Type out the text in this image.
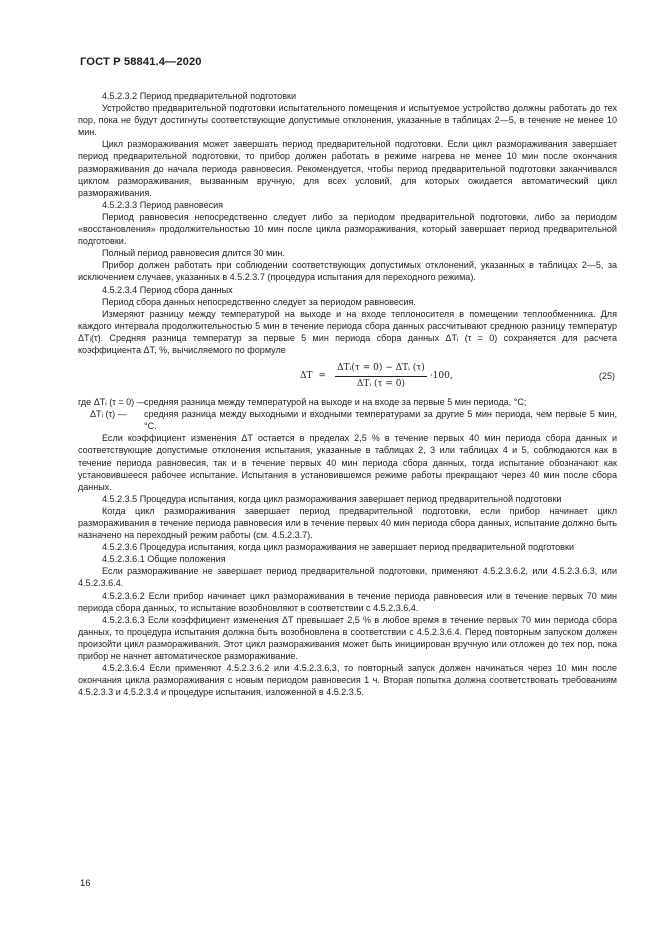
ГОСТ Р 58841.4—2020

4.5.2.3.2 Период предварительной подготовки

Устройство предварительной подготовки испытательного помещения и испытуемое устройство должны работать до тех пор, пока не будут достигнуты соответствующие допустимые отклонения, указанные в таблицах 2—5, в течение не менее 10 мин.

Цикл размораживания может завершать период предварительной подготовки. Если цикл размораживания завершает период предварительной подготовки, то прибор должен работать в режиме нагрева не менее 10 мин после окончания размораживания до начала периода равновесия. Рекомендуется, чтобы период предварительной подготовки заканчивался циклом размораживания, вызванным вручную, для всех условий, для которых ожидается автоматический цикл размораживания.

4.5.2.3.3 Период равновесия

Период равновесия непосредственно следует либо за периодом предварительной подготовки, либо за периодом «восстановления» продолжительностью 10 мин после цикла размораживания, который завершает период предварительной подготовки.

Полный период равновесия длится 30 мин.

Прибор должен работать при соблюдении соответствующих допустимых отклонений, указанных в таблицах 2—5, за исключением случаев, указанных в 4.5.2.3.7 (процедура испытания для переходного режима).

4.5.2.3.4 Период сбора данных

Период сбора данных непосредственно следует за периодом равновесия.

Измеряют разницу между температурой на выходе и на входе теплоносителя в помещении теплообменника. Для каждого интервала продолжительностью 5 мин в течение периода сбора данных рассчитывают среднюю разницу температур ΔTᵢ(τ). Средняя разница температур за первые 5 мин периода сбора данных ΔTᵢ (τ = 0) сохраняется для расчета коэффициента ΔT, %, вычисляемого по формуле

$\Delta T = \frac{\text{ΔTᵢ(τ = 0) − ΔTᵢ (τ)}}{\text{ΔTᵢ (τ = 0)}} \cdot 100$,	(25)
где ΔTᵢ (τ = 0) —
средняя разница между температурой на выходе и на входе за первые 5 мин периода, °C;
ΔTᵢ (τ) —	средняя разница между выходными и входными температурами за другие 5 мин периода, чем первые 5 мин, °C.

Если коэффициент изменения ΔT остается в пределах 2,5 % в течение первых 40 мин периода сбора данных и соответствующие допустимые отклонения испытания, указанные в таблицах 2, 3 или таблицах 4 и 5, соблюдаются как в течение периода равновесия, так и в течение первых 40 мин периода сбора данных, тогда испытание обозначают как установившееся рабочее испытание. Испытания в установившемся режиме работы прекращают через 40 мин после сбора данных.

4.5.2.3.5 Процедура испытания, когда цикл размораживания завершает период предварительной подготовки

Когда цикл размораживания завершает период предварительной подготовки, если прибор начинает цикл размораживания в течение периода равновесия или в течение первых 40 мин периода сбора данных, испытание должно быть назначено на переходный режим работы (см. 4.5.2.3.7).

4.5.2.3.6 Процедура испытания, когда цикл размораживания не завершает период предварительной подготовки

4.5.2.3.6.1 Общие положения

Если размораживание не завершает период предварительной подготовки, применяют 4.5.2.3.6.2, или 4.5.2.3.6.3, или 4.5.2.3.6.4.

4.5.2.3.6.2 Если прибор начинает цикл размораживания в течение периода равновесия или в течение первых 70 мин периода сбора данных, то испытание возобновляют в соответствии с 4.5.2.3.6.4.

4.5.2.3.6.3 Если коэффициент изменения ΔT превышает 2,5 % в любое время в течение первых 70 мин периода сбора данных, то процедура испытания должна быть возобновлена в соответствии с 4.5.2.3.6.4. Перед повторным запуском должен произойти цикл размораживания. Этот цикл размораживания может быть инициирован вручную или отложен до тех пор, пока прибор не начнет автоматическое размораживание.

4.5.2.3.6.4 Если применяют 4.5.2.3.6.2 или 4.5.2.3.6.3, то повторный запуск должен начинаться через 10 мин после окончания цикла размораживания с новым периодом равновесия 1 ч. Вторая попытка должна соответствовать требованиям 4.5.2.3.3 и 4.5.2.3.4 и процедуре испытания, изложенной в 4.5.2.3.5.

16
